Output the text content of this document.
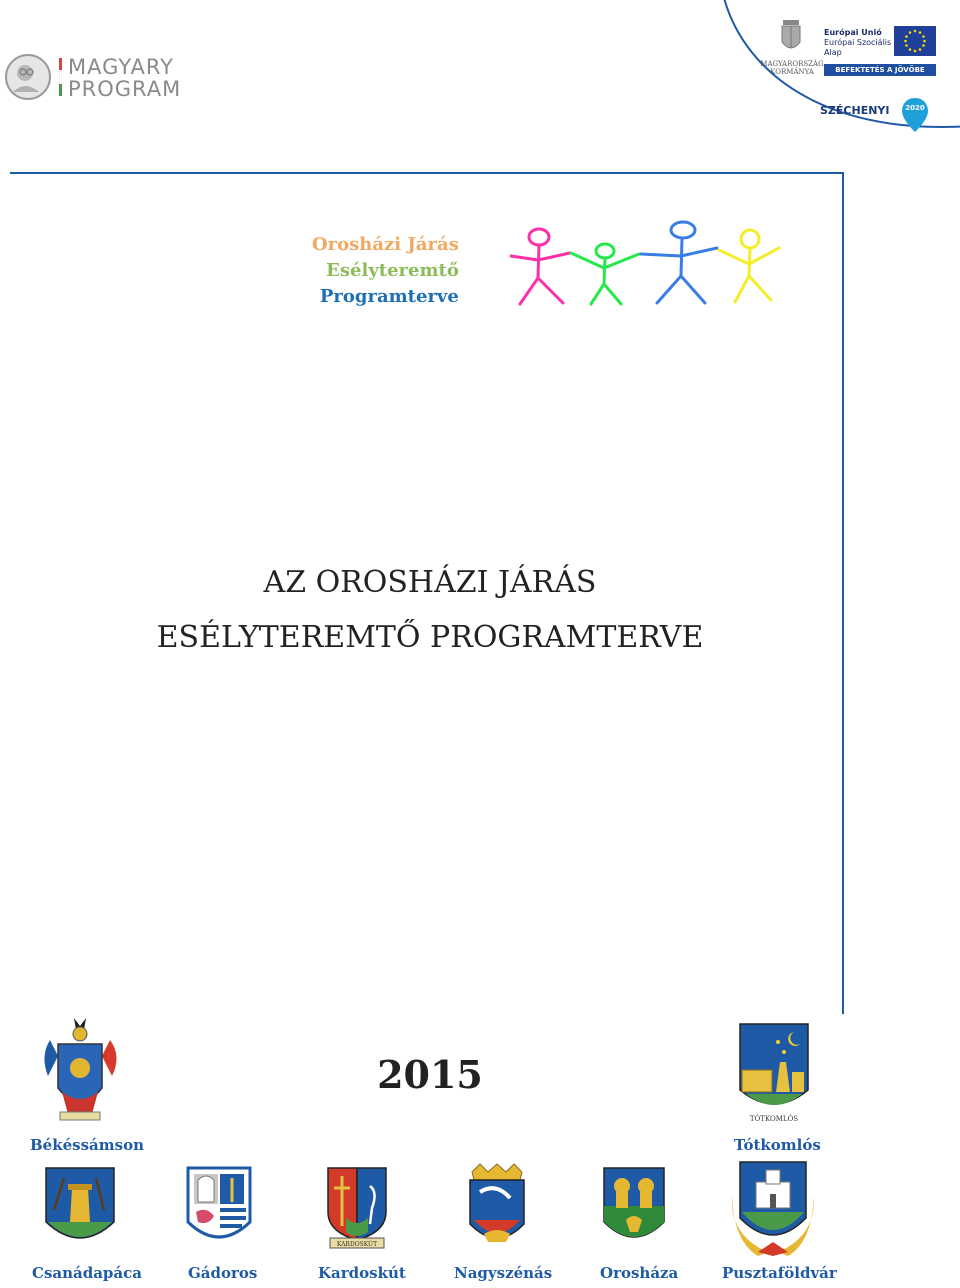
MAGYARY
PROGRAM
MAGYARORSZÁG
KORMÁNYA
Európai Unió
Európai Szociális
Alap
BEFEKTETÉS A JÖVŐBE
SZÉCHENYI	2020
Orosházi Járás
Esélyteremtő
Programterve
AZ OROSHÁZI JÁRÁS
ESÉLYTEREMTŐ PROGRAMTERVE
2015
Békéssámson
TÓTKOMLÓS
Tótkomlós
Csanádapáca	Gádoros
KARDOSKÚT
Kardoskút	Nagyszénás	Orosháza	Pusztaföldvár
